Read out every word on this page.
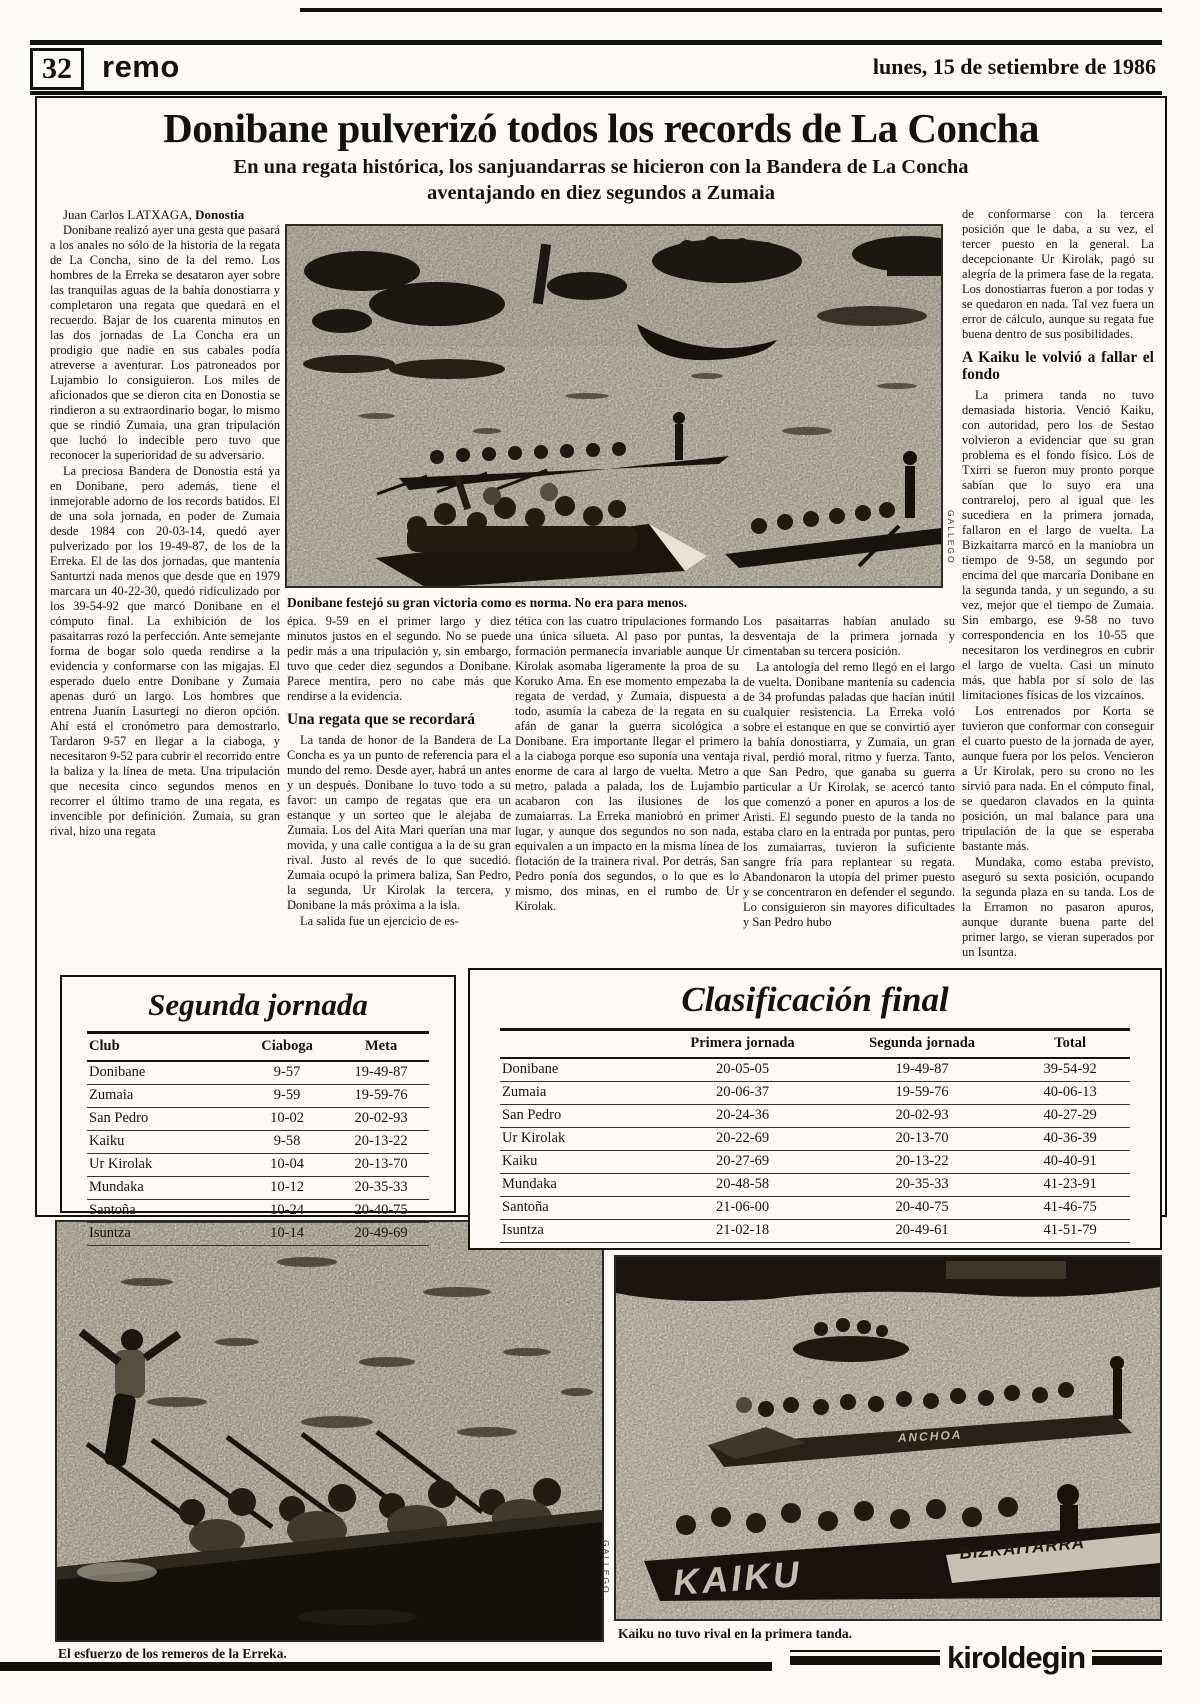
32 remo	lunes, 15 de setiembre de 1986
Donibane pulverizó todos los records de La Concha
En una regata histórica, los sanjuandarras se hicieron con la Bandera de La Concha
aventajando en diez segundos a Zumaia

Juan Carlos LATXAGA, Donostia

Donibane realizó ayer una gesta que pasará a los anales no sólo de la historia de la regata de La Concha, sino de la del remo. Los hombres de la Erreka se desataron ayer sobre las tranquilas aguas de la bahía donostiarra y completaron una regata que quedará en el recuerdo. Bajar de los cuarenta minutos en las dos jornadas de La Concha era un prodigio que nadie en sus cabales podía atreverse a aventurar. Los patroneados por Lujambio lo consiguieron. Los miles de aficionados que se dieron cita en Donostia se rindieron a su extraordinario bogar, lo mismo que se rindió Zumaia, una gran tripulación que luchó lo indecible pero tuvo que reconocer la superioridad de su adversario.

La preciosa Bandera de Donostia está ya en Donibane, pero además, tiene el inmejorable adorno de los records batidos. El de una sola jornada, en poder de Zumaia desde 1984 con 20-03-14, quedó ayer pulverizado por los 19-49-87, de los de la Erreka. El de las dos jornadas, que mantenía Santurtzi nada menos que desde que en 1979 marcara un 40-22-30, quedó ridiculizado por los 39-54-92 que marcó Donibane en el cómputo final. La exhibición de los pasaitarras rozó la perfección. Ante semejante forma de bogar solo queda rendirse a la evidencia y conformarse con las migajas. El esperado duelo entre Donibane y Zumaia apenas duró un largo. Los hombres que entrena Juanín Lasurtegi no dieron opción. Ahí está el cronómetro para demostrarlo. Tardaron 9-57 en llegar a la ciaboga, y necesitaron 9-52 para cubrir el recorrido entre la baliza y la línea de meta. Una tripulación que necesita cinco segundos menos en recorrer el último tramo de una regata, es invencible por definición. Zumaia, su gran rival, hizo una regata

Donibane festejó su gran victoria como es norma. No era para menos.
GALLEGO

épica. 9-59 en el primer largo y diez minutos justos en el segundo. No se puede pedir más a una tripulación y, sin embargo, tuvo que ceder diez segundos a Donibane. Parece mentira, pero no cabe más que rendirse a la evidencia.

Una regata que se recordará

La tanda de honor de la Bandera de La Concha es ya un punto de referencia para el mundo del remo. Desde ayer, habrá un antes y un después. Donibane lo tuvo todo a su favor: un campo de regatas que era un estanque y un sorteo que le alejaba de Zumaia. Los del Aita Mari querían una mar movida, y una calle contigua a la de su gran rival. Justo al revés de lo que sucedió. Zumaia ocupó la primera baliza, San Pedro, la segunda, Ur Kirolak la tercera, y Donibane la más próxima a la isla.

La salida fue un ejercicio de es-

tética con las cuatro tripulaciones formando una única silueta. Al paso por puntas, la formación permanecía invariable aunque Ur Kirolak asomaba ligeramente la proa de su Koruko Ama. En ese momento empezaba la regata de verdad, y Zumaia, dispuesta a todo, asumía la cabeza de la regata en su afán de ganar la guerra sicológica a Donibane. Era importante llegar el primero a la ciaboga porque eso suponía una ventaja enorme de cara al largo de vuelta. Metro a metro, palada a palada, los de Lujambio acabaron con las ilusiones de los zumaiarras. La Erreka maniobró en primer lugar, y aunque dos segundos no son nada, equivalen a un impacto en la misma línea de flotación de la trainera rival. Por detrás, San Pedro ponía dos segundos, o lo que es lo mismo, dos minas, en el rumbo de Ur Kirolak.

Los pasaitarras habían anulado su desventaja de la primera jornada y cimentaban su tercera posición.

La antología del remo llegó en el largo de vuelta. Donibane mantenía su cadencia de 34 profundas paladas que hacían inútil cualquier resistencia. La Erreka voló sobre el estanque en que se convirtió ayer la bahía donostiarra, y Zumaia, un gran rival, perdió moral, ritmo y fuerza. Tanto, que San Pedro, que ganaba su guerra particular a Ur Kirolak, se acercó tanto que comenzó a poner en apuros a los de Aristi. El segundo puesto de la tanda no estaba claro en la entrada por puntas, pero los zumaiarras, tuvieron la suficiente sangre fría para replantear su regata. Abandonaron la utopía del primer puesto y se concentraron en defender el segundo. Lo consiguieron sin mayores dificultades y San Pedro hubo

de conformarse con la tercera posición que le daba, a su vez, el tercer puesto en la general. La decepcionante Ur Kirolak, pagó su alegría de la primera fase de la regata. Los donostiarras fueron a por todas y se quedaron en nada. Tal vez fuera un error de cálculo, aunque su regata fue buena dentro de sus posibilidades.

A Kaiku le volvió a fallar el fondo

La primera tanda no tuvo demasiada historia. Venció Kaiku, con autoridad, pero los de Sestao volvieron a evidenciar que su gran problema es el fondo físico. Los de Txirri se fueron muy pronto porque sabían que lo suyo era una contrareloj, pero al igual que les sucediera en la primera jornada, fallaron en el largo de vuelta. La Bizkaitarra marcó en la maniobra un tiempo de 9-58, un segundo por encima del que marcaría Donibane en la segunda tanda, y un segundo, a su vez, mejor que el tiempo de Zumaia. Sin embargo, ese 9-58 no tuvo correspondencia en los 10-55 que necesitaron los verdinegros en cubrir el largo de vuelta. Casi un minuto más, que habla por sí solo de las limitaciones físicas de los vizcaínos.

Los entrenados por Korta se tuvieron que conformar con conseguir el cuarto puesto de la jornada de ayer, aunque fuera por los pelos. Vencieron a Ur Kirolak, pero su crono no les sirvió para nada. En el cómputo final, se quedaron clavados en la quinta posición, un mal balance para una tripulación de la que se esperaba bastante más.

Mundaka, como estaba previsto, aseguró su sexta posición, ocupando la segunda plaza en su tanda. Los de la Erramon no pasaron apuros, aunque durante buena parte del primer largo, se vieran superados por un Isuntza.

Segunda jornada
Club	Ciaboga	Meta
Donibane	9-57	19-49-87
Zumaia	9-59	19-59-76
San Pedro	10-02	20-02-93
Kaiku	9-58	20-13-22
Ur Kirolak	10-04	20-13-70
Mundaka	10-12	20-35-33
Santoña	10-24	20-40-75
Isuntza	10-14	20-49-69
Clasificación final
	Primera jornada	Segunda jornada	Total
Donibane	20-05-05	19-49-87	39-54-92
Zumaia	20-06-37	19-59-76	40-06-13
San Pedro	20-24-36	20-02-93	40-27-29
Ur Kirolak	20-22-69	20-13-70	40-36-39
Kaiku	20-27-69	20-13-22	40-40-91
Mundaka	20-48-58	20-35-33	41-23-91
Santoña	21-06-00	20-40-75	41-46-75
Isuntza	21-02-18	20-49-61	41-51-79
El esfuerzo de los remeros de la Erreka.
GALLEGO
ANCHOA
KAIKU
BIZKAITARRA
Kaiku no tuvo rival en la primera tanda.
kiroldegin
